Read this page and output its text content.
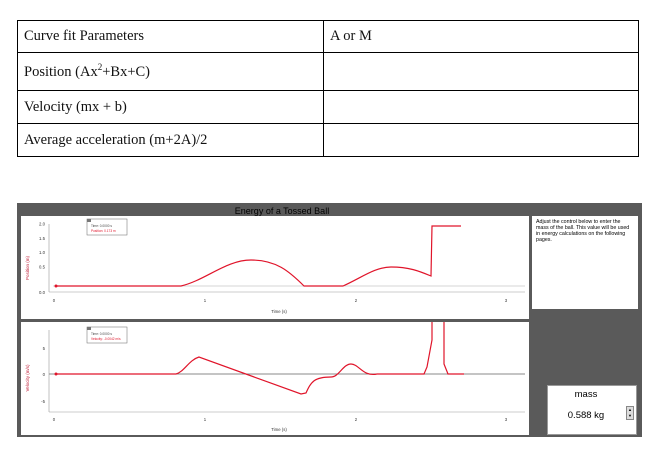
Curve fit Parameters	A or M
Position $(Ax^2+Bx+C)$	
Velocity (mx + b)	
Average acceleration (m+2A)/2	
Energy of a Tossed Ball
Position (m)
2.0
1.5
1.0
0.5
0.0
0	1	2	3
Time (s)
Time: 0.0000 s
Position: 0.173 m
Velocity (m/s)
5
0
-5
0	1	2	3
Time (s)
Time: 0.0000 s
Velocity: -0.0042 m/s
Adjust the control below to enter the mass of the ball. This value will be used in energy calculations on the following pages.
mass
0.588 kg
▲
▼
